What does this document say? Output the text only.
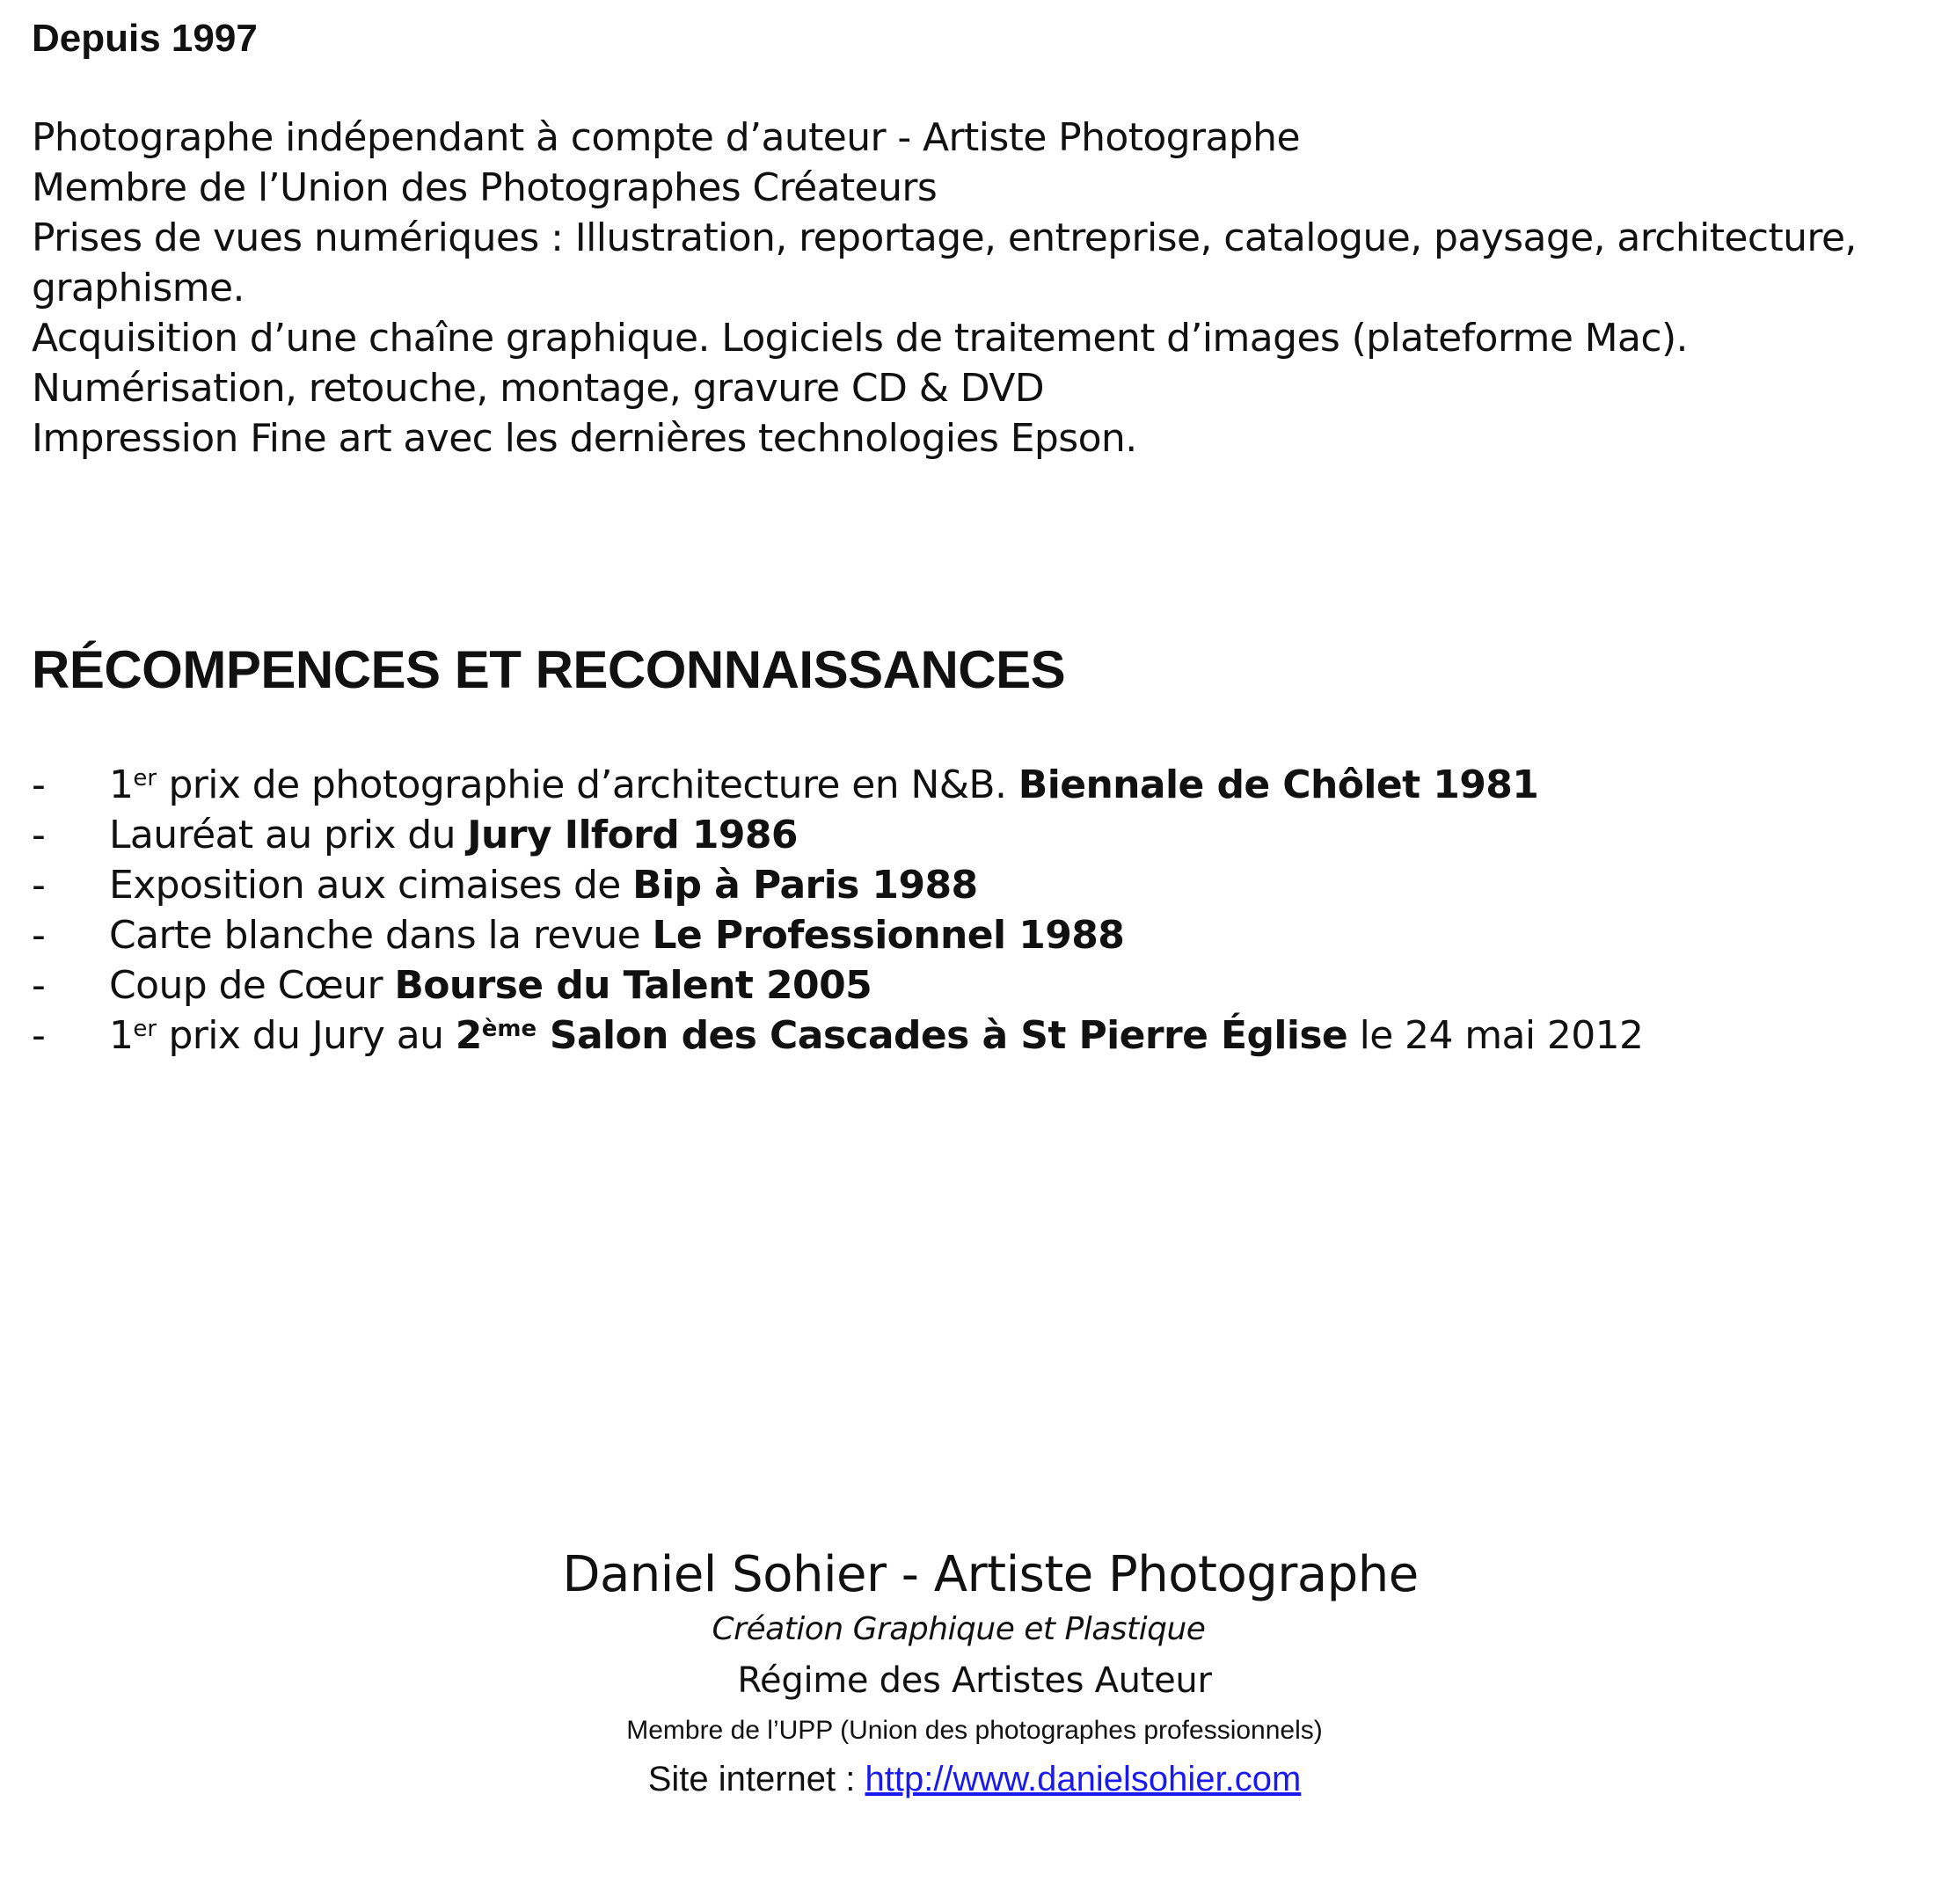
Depuis 1997
Photographe indépendant à compte d’auteur - Artiste Photographe
Membre de l’Union des Photographes Créateurs
Prises de vues numériques : Illustration, reportage, entreprise, catalogue, paysage, architecture,
graphisme.
Acquisition d’une chaîne graphique. Logiciels de traitement d’images (plateforme Mac).
Numérisation, retouche, montage, gravure CD & DVD
Impression Fine art avec les dernières technologies Epson.
RÉCOMPENCES ET RECONNAISSANCES
- 1er prix de photographie d’architecture en N&B. Biennale de Chôlet 1981
- Lauréat au prix du Jury Ilford 1986
- Exposition aux cimaises de Bip à Paris 1988
- Carte blanche dans la revue Le Professionnel 1988
- Coup de Cœur Bourse du Talent 2005
- 1er prix du Jury au 2ème Salon des Cascades à St Pierre Église le 24 mai 2012
Daniel Sohier - Artiste Photographe
Création Graphique et Plastique
Régime des Artistes Auteur
Membre de l’UPP (Union des photographes professionnels)
Site internet : http://www.danielsohier.com
